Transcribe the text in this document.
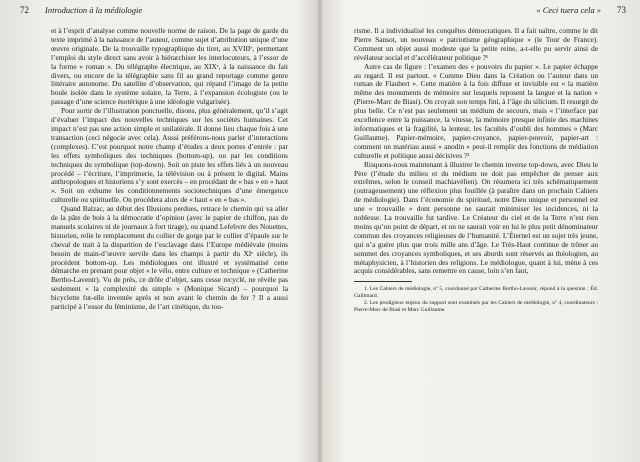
72 Introduction à la médiologie

et à l’esprit d’analyse comme nouvelle norme de raison. De la page de garde du texte imprimé à la naissance de l’auteur, comme sujet d’attribution unique d’une œuvre originale. De la trouvaille typographique du tiret, au XVIIIᵉ, permettant l’emploi du style direct sans avoir à hiérarchiser les interlocuteurs, à l’essor de la forme « roman ». Du télégraphe électrique, au XIXᵉ, à la naissance du fait divers, ou encore de la télégraphie sans fil au grand reportage comme genre littéraire autonome. Du satellite d’observation, qui répand l’image de la petite boule isolée dans le système solaire, la Terre, à l’expansion écologiste (ou le passage d’une science ésotérique à une idéologie vulgarisée).

Pour sortir de l’illustration ponctuelle, disons, plus généralement, qu’il s’agit d’évaluer l’impact des nouvelles techniques sur les sociétés humaines. Cet impact n’est pas une action simple et unilatérale. Il donne lieu chaque fois à une transaction (ceci négocie avec cela). Aussi préférons-nous parler d’interactions (complexes). C’est pourquoi notre champ d’études a deux portes d’entrée : par les effets symboliques des techniques (bottom-up), ou par les conditions techniques du symbolique (top-down). Soit on piste les effets liés à un nouveau procédé – l’écriture, l’imprimerie, la télévision ou à présent le digital. Mains anthropologues et historiens s’y sont exercés – en procédant de « bas » en « haut ». Soit on exhume les conditionnements sociotechniques d’une émergence culturelle ou spirituelle. On procédera alors de « haut » en « bas ».

Quand Balzac, au début des Illusions perdues, retrace le chemin qui va aller de la pâte de bois à la démocratie d’opinion (avec le papier de chiffon, pas de manuels scolaires ni de journaux à fort tirage), ou quand Lefebvre des Nouettes, historien, relie le remplacement du collier de gorge par le collier d’épaule sur le cheval de trait à la disparition de l’esclavage dans l’Europe médiévale (moins besoin de main-d’œuvre servile dans les champs à partir du XIᵉ siècle), ils procèdent bottom-up. Les médiologues ont illustré et systématisé cette démarche en prenant pour objet « le vélo, entre culture et technique » (Catherine Bertho-Lavenir). Vu de près, ce drôle d’objet, sans cesse recyclé, ne révèle pas seulement « la complexité du simple » (Monique Sicard) – pourquoi la bicyclette fut-elle inventée après et non avant le chemin de fer ? Il a aussi participé à l’essor du féminisme, de l’art cinétique, du tou-

« Ceci tuera cela » 73

risme. Il a individualisé les conquêtes démocratiques. Il a fait naître, comme le dit Pierre Sansot, un nouveau « patriotisme géographique » (le Tour de France). Comment un objet aussi modeste que la petite reine, a-t-elle pu servir ainsi de révélateur social et d’accélérateur politique ?¹

Autre cas de figure : l’examen des « pouvoirs du papier ». Le papier échappe au regard. Il est partout. « Comme Dieu dans la Création ou l’auteur dans un roman de Flaubert ». Cette matière à la fois diffuse et invisible est « la matière même des monuments de mémoire sur lesquels reposent la langue et la nation » (Pierre-Marc de Biasi). On croyait son temps fini, à l’âge du silicium. Il resurgit de plus belle. Ce n’est pas seulement un médium de secours, mais « l’interface par excellence entre la puissance, la vitesse, la mémoire presque infinie des machines informatiques et la fragilité, la lenteur, les facultés d’oubli des hommes » (Marc Guillaume). Papier-mémoire, papier-croyance, papier-pouvoir, papier-art : comment un matériau aussi « anodin » peut-il remplir des fonctions de médiation culturelle et politique aussi décisives ?²

Risquons-nous maintenant à illustrer le chemin inverse top-down, avec Dieu le Père (l’étude du milieu et du médium ne doit pas empêcher de penser aux extrêmes, selon le conseil machiavélien). On résumera ici très schématiquement (outrageusement) une réflexion plus fouillée (à paraître dans un prochain Cahiers de médiologie). Dans l’économie du spirituel, notre Dieu unique et personnel est une « trouvaille » dont personne ne saurait minimiser les incidences, ni la noblesse. La trouvaille fut tardive. Le Créateur du ciel et de la Terre n’est rien moins qu’un point de départ, et on ne saurait voir en lui le plus petit dénominateur commun des croyances religieuses de l’humanité. L’Éternel est un sujet très jeune, qui n’a guère plus que trois mille ans d’âge. Le Très-Haut continue de trôner au sommet des croyances symboliques, et ses abords sont réservés au théologien, au métaphysicien, à l’historien des religions. Le médiologue, quant à lui, mène à ces acquis considérables, sans remettre en cause, loin s’en faut,

1. Les Cahiers de médiologie, nº 5, coordonné par Catherine Bertho-Lavenir, répond à la question ; Éd. Gallimard.

2. Les prodigieux enjeux du support sont examinés par les Cahiers de médiologie, nº 4, coordinateurs : Pierre-Marc de Biasi et Marc Guillaume.
